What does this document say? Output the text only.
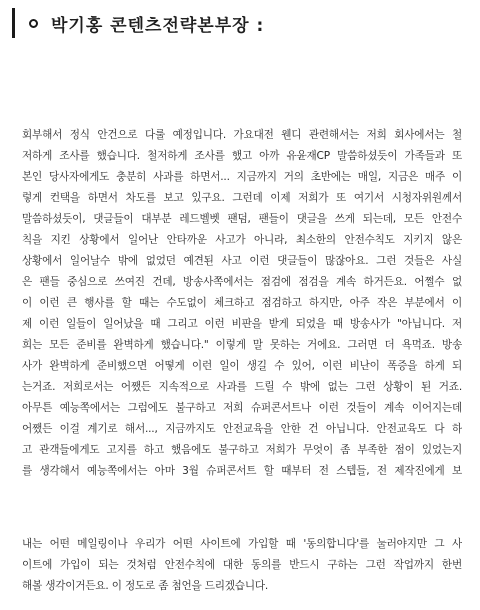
박기홍 콘텐츠전략본부장 :
회부해서 정식 안건으로 다룰 예정입니다. 가요대전 웬디 관련해서는 저희 회사에서는 철
저하게 조사를 했습니다. 철저하게 조사를 했고 아까 유윤재CP 말씀하셨듯이 가족들과 또
본인 당사자에게도 충분히 사과를 하면서... 지금까지 거의 초반에는 매일, 지금은 매주 이
렇게 컨택을 하면서 차도를 보고 있구요. 그런데 이제 저희가 또 여기서 시청자위원께서
말씀하셨듯이, 댓글들이 대부분 레드벨벳 팬덤, 팬들이 댓글을 쓰게 되는데, 모든 안전수
칙을 지킨 상황에서 일어난 안타까운 사고가 아니라, 최소한의 안전수칙도 지키지 않은
상황에서 일어날수 밖에 없었던 예견된 사고 이런 댓글들이 많잖아요. 그런 것들은 사실
은 팬들 중심으로 쓰여진 건데, 방송사쪽에서는 점검에 점검을 계속 하거든요. 어쩔수 없
이 이런 큰 행사를 할 때는 수도없이 체크하고 점검하고 하지만, 아주 작은 부분에서 이
제 이런 일들이 일어났을 때 그리고 이런 비판을 받게 되었을 때 방송사가 "아닙니다. 저
희는 모든 준비를 완벽하게 했습니다." 이렇게 말 못하는 거에요. 그러면 더 욕먹죠. 방송
사가 완벽하게 준비했으면 어떻게 이런 일이 생길 수 있어, 이런 비난이 폭증을 하게 되
는거죠. 저희로서는 어쨌든 지속적으로 사과를 드릴 수 밖에 없는 그런 상황이 된 거죠.
아무튼 예능쪽에서는 그럼에도 불구하고 저희 슈퍼콘서트나 이런 것들이 계속 이어지는데
어쨌든 이걸 계기로 해서..., 지금까지도 안전교육을 안한 건 아닙니다. 안전교육도 다 하
고 관객들에게도 고지를 하고 했음에도 불구하고 저희가 무엇이 좀 부족한 점이 있었는지
를 생각해서 예능쪽에서는 아마 3월 슈퍼콘서트 할 때부터 전 스텝들, 전 제작진에게 보
내는 어떤 메일링이나 우리가 어떤 사이트에 가입할 때 '동의합니다'를 눌러야지만 그 사
이트에 가입이 되는 것처럼 안전수칙에 대한 동의를 반드시 구하는 그런 작업까지 한번
해볼 생각이거든요. 이 정도로 좀 첨언을 드리겠습니다.
